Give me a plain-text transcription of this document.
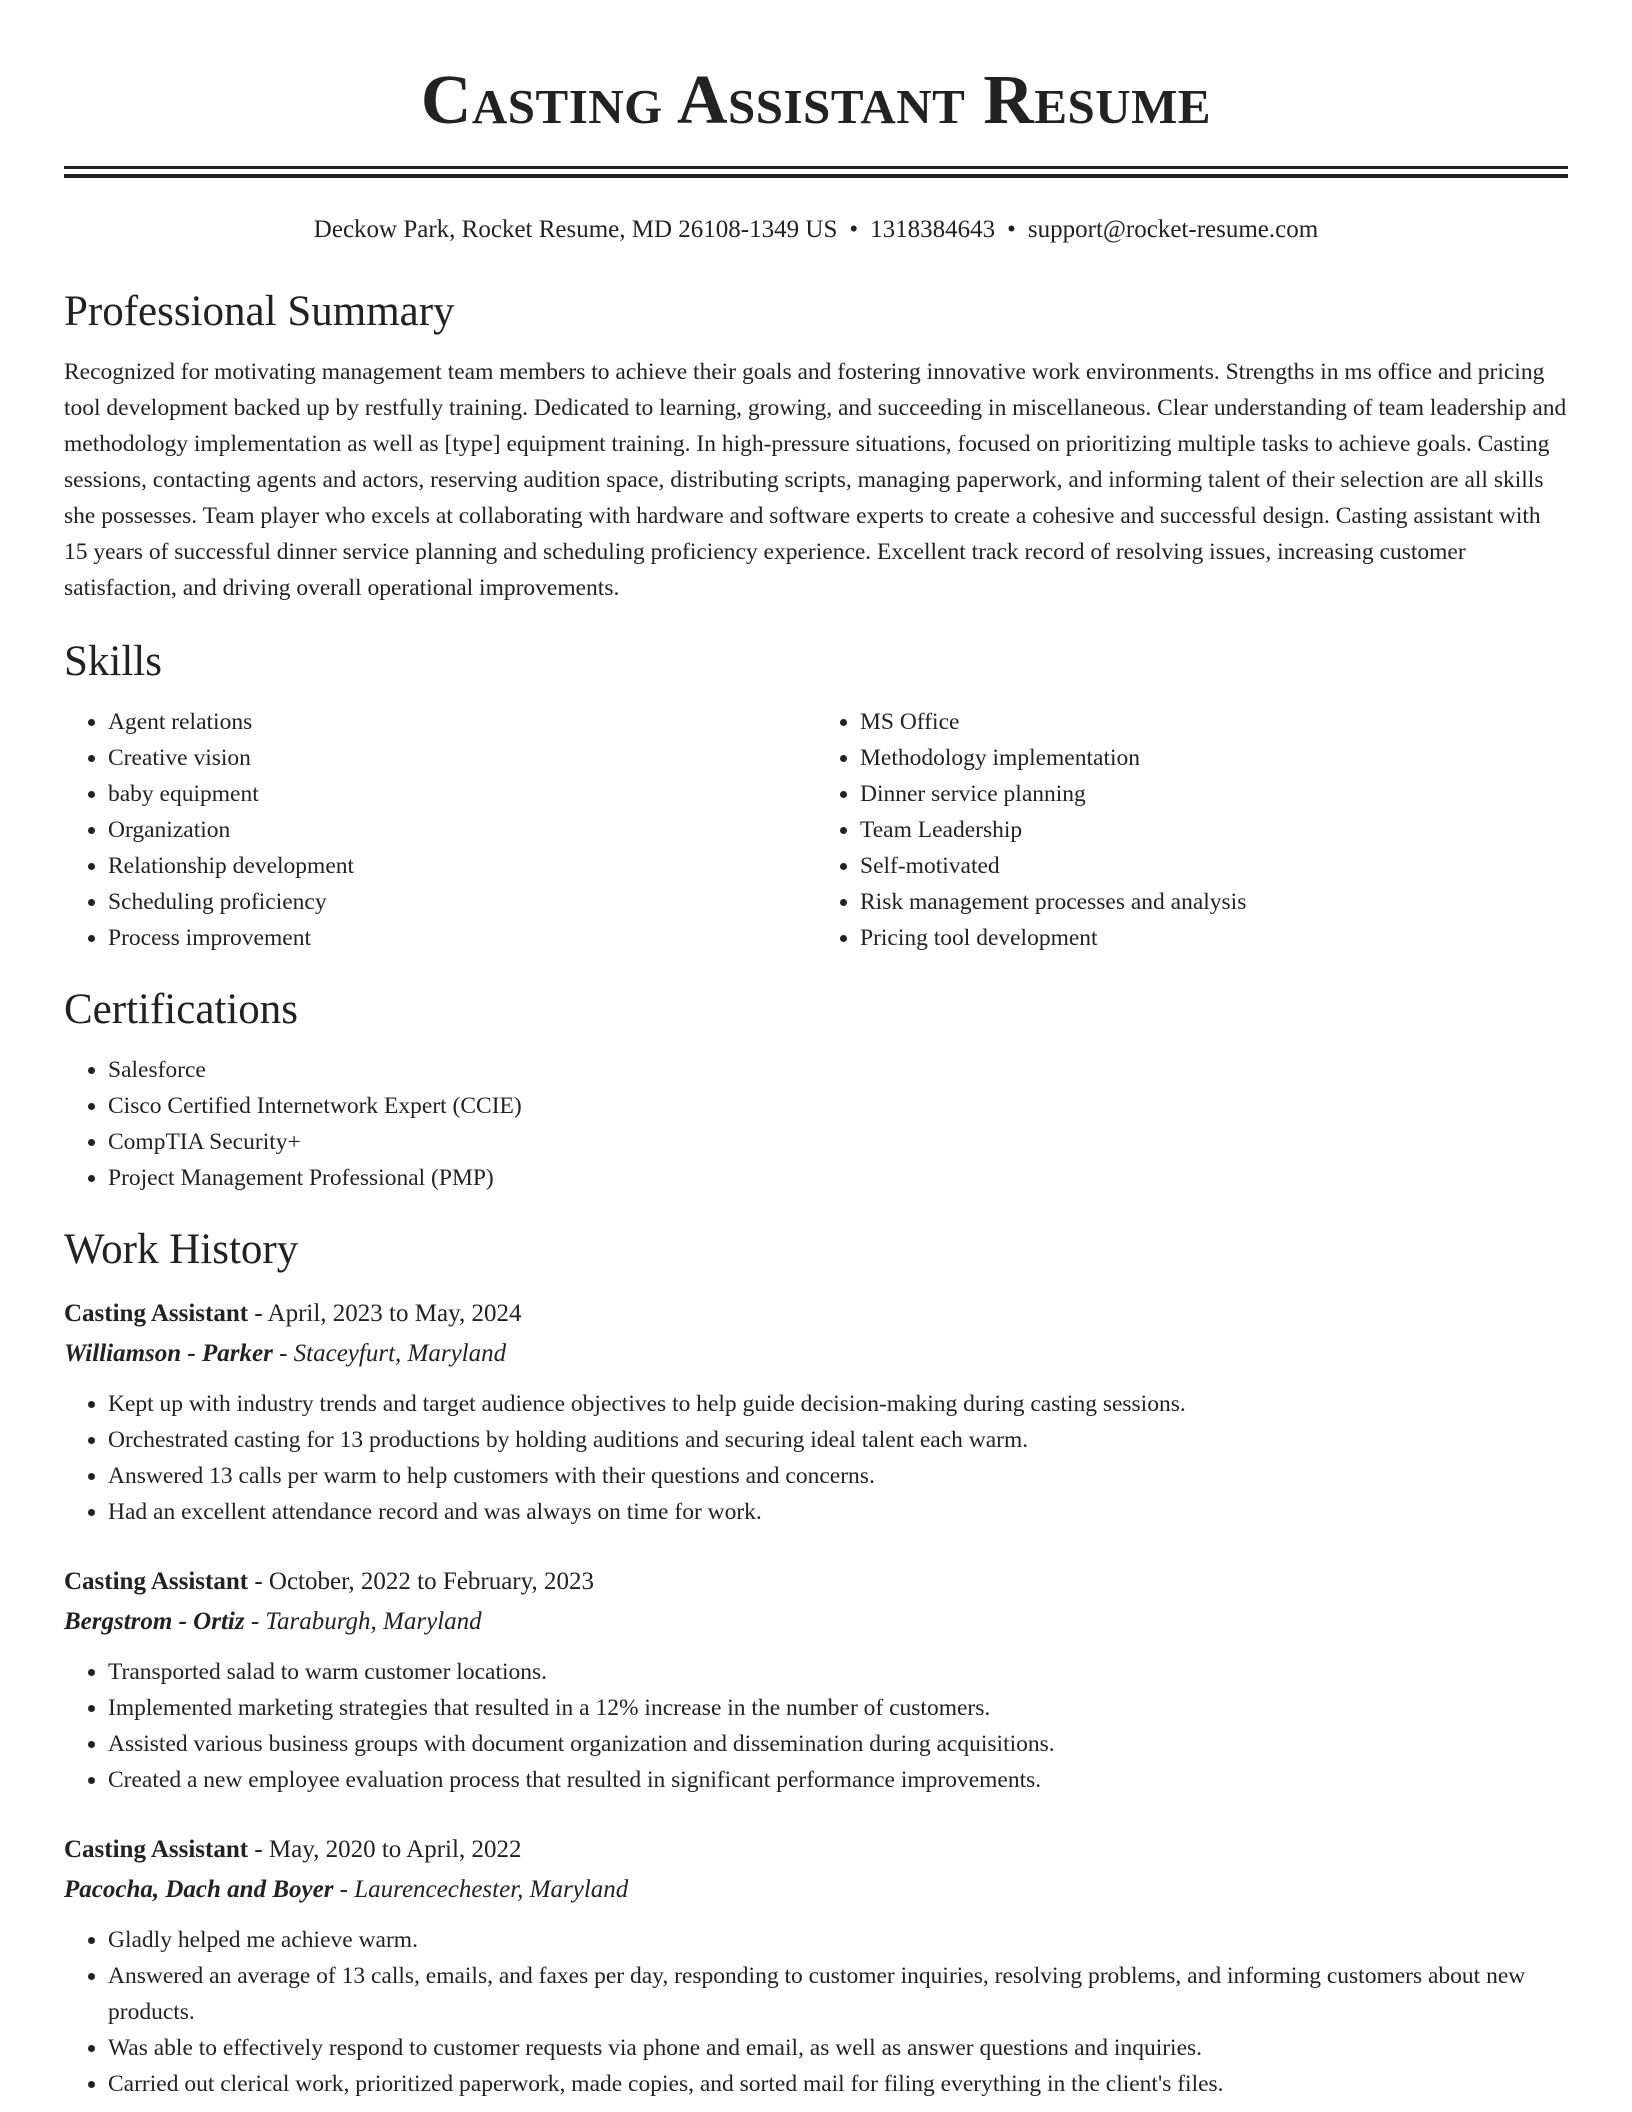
Casting Assistant Resume
Deckow Park, Rocket Resume, MD 26108-1349 US • 1318384643 • support@rocket-resume.com
Professional Summary

Recognized for motivating management team members to achieve their goals and fostering innovative work environments. Strengths in ms office and pricing tool development backed up by restfully training. Dedicated to learning, growing, and succeeding in miscellaneous. Clear understanding of team leadership and methodology implementation as well as [type] equipment training. In high-pressure situations, focused on prioritizing multiple tasks to achieve goals. Casting sessions, contacting agents and actors, reserving audition space, distributing scripts, managing paperwork, and informing talent of their selection are all skills she possesses. Team player who excels at collaborating with hardware and software experts to create a cohesive and successful design. Casting assistant with 15 years of successful dinner service planning and scheduling proficiency experience. Excellent track record of resolving issues, increasing customer satisfaction, and driving overall operational improvements.

Skills
• Agent relations
• Creative vision
• baby equipment
• Organization
• Relationship development
• Scheduling proficiency
• Process improvement
• MS Office
• Methodology implementation
• Dinner service planning
• Team Leadership
• Self-motivated
• Risk management processes and analysis
• Pricing tool development
Certifications
• Salesforce
• Cisco Certified Internetwork Expert (CCIE)
• CompTIA Security+
• Project Management Professional (PMP)
Work History
Casting Assistant - April, 2023 to May, 2024
Williamson - Parker - Staceyfurt, Maryland
• Kept up with industry trends and target audience objectives to help guide decision-making during casting sessions.
• Orchestrated casting for 13 productions by holding auditions and securing ideal talent each warm.
• Answered 13 calls per warm to help customers with their questions and concerns.
• Had an excellent attendance record and was always on time for work.
Casting Assistant - October, 2022 to February, 2023
Bergstrom - Ortiz - Taraburgh, Maryland
• Transported salad to warm customer locations.
• Implemented marketing strategies that resulted in a 12% increase in the number of customers.
• Assisted various business groups with document organization and dissemination during acquisitions.
• Created a new employee evaluation process that resulted in significant performance improvements.
Casting Assistant - May, 2020 to April, 2022
Pacocha, Dach and Boyer - Laurencechester, Maryland
• Gladly helped me achieve warm.
• Answered an average of 13 calls, emails, and faxes per day, responding to customer inquiries, resolving problems, and informing customers about new products.
• Was able to effectively respond to customer requests via phone and email, as well as answer questions and inquiries.
• Carried out clerical work, prioritized paperwork, made copies, and sorted mail for filing everything in the client's files.
